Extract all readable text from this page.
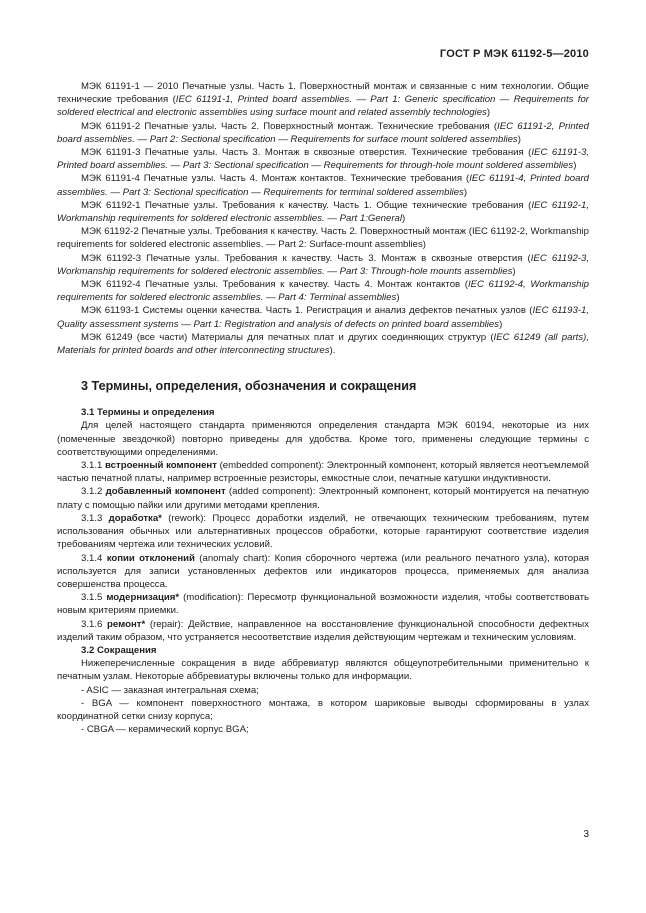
ГОСТ Р МЭК 61192-5—2010

МЭК 61191-1 — 2010 Печатные узлы. Часть 1. Поверхностный монтаж и связанные с ним технологии. Общие технические требования (IEC 61191-1, Printed board assemblies. — Part 1: Generic specification — Requirements for soldered electrical and electronic assemblies using surface mount and related assembly technologies)

МЭК 61191-2 Печатные узлы. Часть 2. Поверхностный монтаж. Технические требования (IEC 61191-2, Printed board assemblies. — Part 2: Sectional specification — Requirements for surface mount soldered assemblies)

МЭК 61191-3 Печатные узлы. Часть 3. Монтаж в сквозные отверстия. Технические требования (IEC 61191-3, Printed board assemblies. — Part 3: Sectional specification — Requirements for through-hole mount soldered assemblies)

МЭК 61191-4 Печатные узлы. Часть 4. Монтаж контактов. Технические требования (IEC 61191-4, Printed board assemblies. — Part 3: Sectional specification — Requirements for terminal soldered assemblies)

МЭК 61192-1 Печатные узлы. Требования к качеству. Часть 1. Общие технические требования (IEC 61192-1, Workmanship requirements for soldered electronic assemblies. — Part 1:General)

МЭК 61192-2 Печатные узлы. Требования к качеству. Часть 2. Поверхностный монтаж (IEC 61192-2, Workmanship requirements for soldered electronic assemblies. — Part 2: Surface-mount assemblies)

МЭК 61192-3 Печатные узлы. Требования к качеству. Часть 3. Монтаж в сквозные отверстия (IEC 61192-3, Workmanship requirements for soldered electronic assemblies. — Part 3: Through-hole mounts assemblies)

МЭК 61192-4 Печатные узлы. Требования к качеству. Часть 4. Монтаж контактов (IEC 61192-4, Workmanship requirements for soldered electronic assemblies. — Part 4: Terminal assemblies)

МЭК 61193-1 Системы оценки качества. Часть 1. Регистрация и анализ дефектов печатных узлов (IEC 61193-1, Quality assessment systems — Part 1: Registration and analysis of defects on printed board assemblies)

МЭК 61249 (все части) Материалы для печатных плат и других соединяющих структур (IEC 61249 (all parts), Materials for printed boards and other interconnecting structures).

3 Термины, определения, обозначения и сокращения
3.1 Термины и определения

Для целей настоящего стандарта применяются определения стандарта МЭК 60194, некоторые из них (помеченные звездочкой) повторно приведены для удобства. Кроме того, применены следующие термины с соответствующими определениями.

3.1.1 встроенный компонент (embedded component): Электронный компонент, который является неотъемлемой частью печатной платы, например встроенные резисторы, емкостные слои, печатные катушки индуктивности.

3.1.2 добавленный компонент (added component): Электронный компонент, который монтируется на печатную плату с помощью пайки или другими методами крепления.

3.1.3 доработка* (rework): Процесс доработки изделий, не отвечающих техническим требованиям, путем использования обычных или альтернативных процессов обработки, которые гарантируют соответствие изделия требованиям чертежа или технических условий.

3.1.4 копии отклонений (anomaly chart): Копия сборочного чертежа (или реального печатного узла), которая используется для записи установленных дефектов или индикаторов процесса, применяемых для анализа совершенства процесса.

3.1.5 модернизация* (modification): Пересмотр функциональной возможности изделия, чтобы соответствовать новым критериям приемки.

3.1.6 ремонт* (repair): Действие, направленное на восстановление функциональной способности дефектных изделий таким образом, что устраняется несоответствие изделия действующим чертежам и техническим условиям.

3.2 Сокращения

Нижеперечисленные сокращения в виде аббревиатур являются общеупотребительными применительно к печатным узлам. Некоторые аббревиатуры включены только для информации.

- ASIC — заказная интегральная схема;

- BGA — компонент поверхностного монтажа, в котором шариковые выводы сформированы в узлах координатной сетки снизу корпуса;

- CBGA — керамический корпус BGA;

3
